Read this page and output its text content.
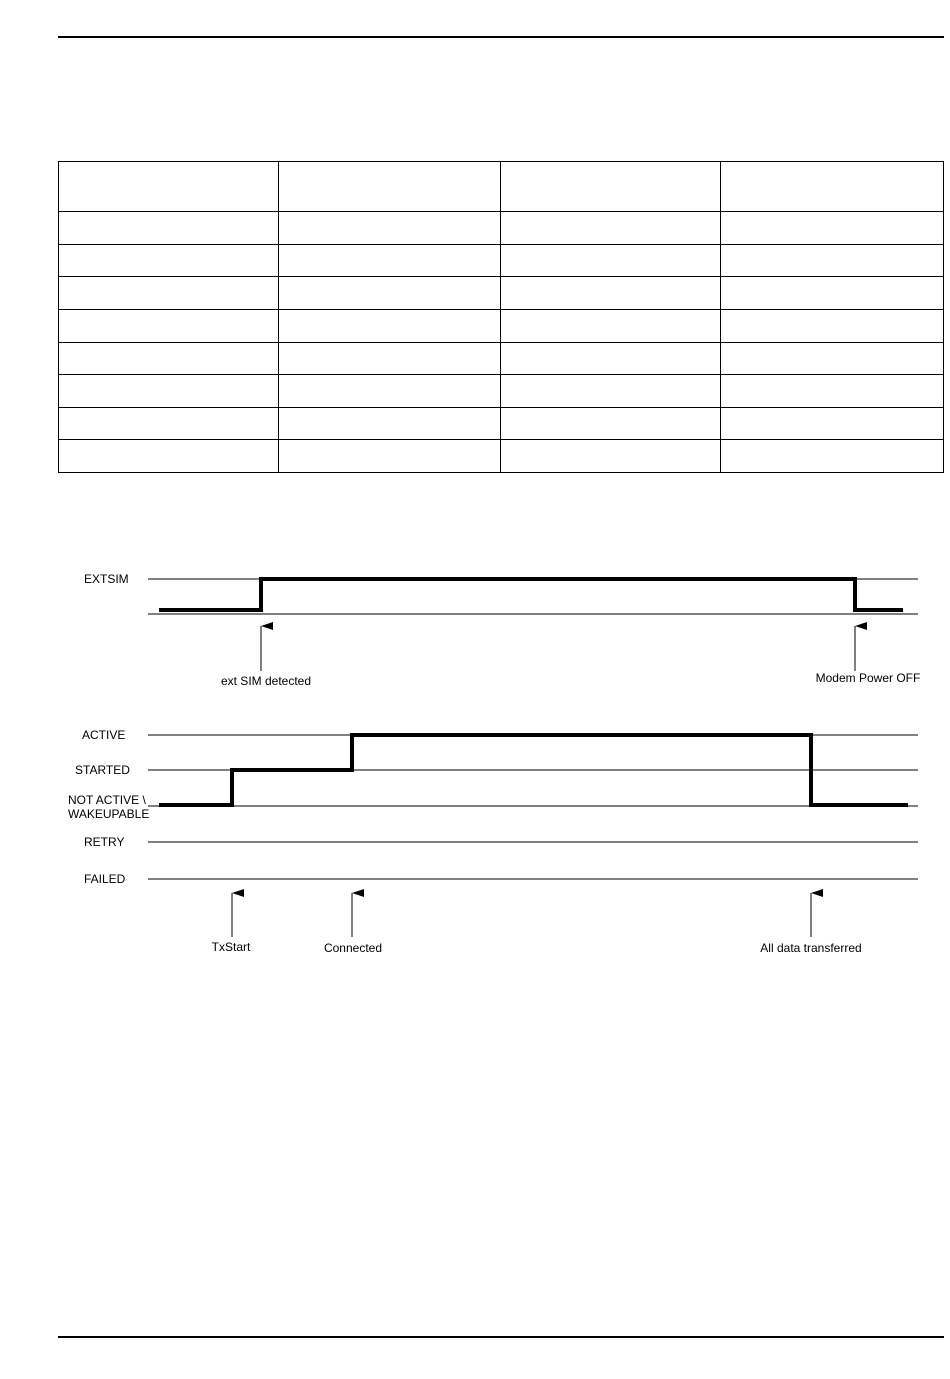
EXTSIM
ext SIM detected	Modem Power OFF
ACTIVE
STARTED
NOT ACTIVE \
WAKEUPABLE
RETRY
FAILED
TxStart	Connected	All data transferred
